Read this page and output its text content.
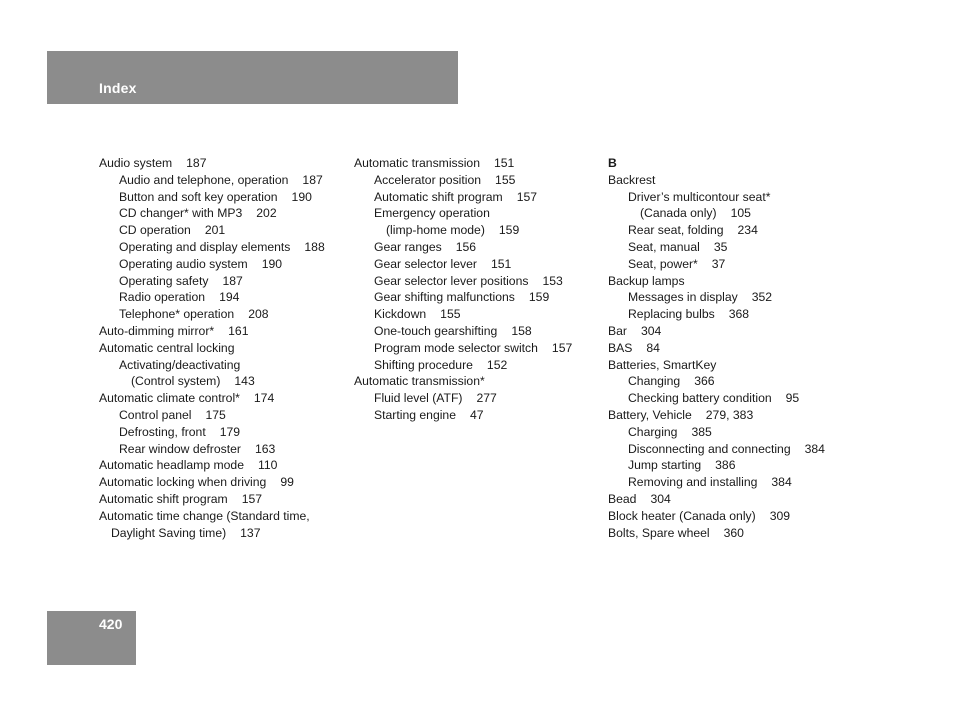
Index
Audio system 187
Audio and telephone, operation 187
Button and soft key operation 190
CD changer* with MP3 202
CD operation 201
Operating and display elements 188
Operating audio system 190
Operating safety 187
Radio operation 194
Telephone* operation 208
Auto-dimming mirror* 161
Automatic central locking
Activating/deactivating
(Control system) 143
Automatic climate control* 174
Control panel 175
Defrosting, front 179
Rear window defroster 163
Automatic headlamp mode 110
Automatic locking when driving 99
Automatic shift program 157
Automatic time change (Standard time,
Daylight Saving time) 137
Automatic transmission 151
Accelerator position 155
Automatic shift program 157
Emergency operation
(limp-home mode) 159
Gear ranges 156
Gear selector lever 151
Gear selector lever positions 153
Gear shifting malfunctions 159
Kickdown 155
One-touch gearshifting 158
Program mode selector switch 157
Shifting procedure 152
Automatic transmission*
Fluid level (ATF) 277
Starting engine 47
B
Backrest
Driver’s multicontour seat*
(Canada only) 105
Rear seat, folding 234
Seat, manual 35
Seat, power* 37
Backup lamps
Messages in display 352
Replacing bulbs 368
Bar 304
BAS 84
Batteries, SmartKey
Changing 366
Checking battery condition 95
Battery, Vehicle 279, 383
Charging 385
Disconnecting and connecting 384
Jump starting 386
Removing and installing 384
Bead 304
Block heater (Canada only) 309
Bolts, Spare wheel 360
420
